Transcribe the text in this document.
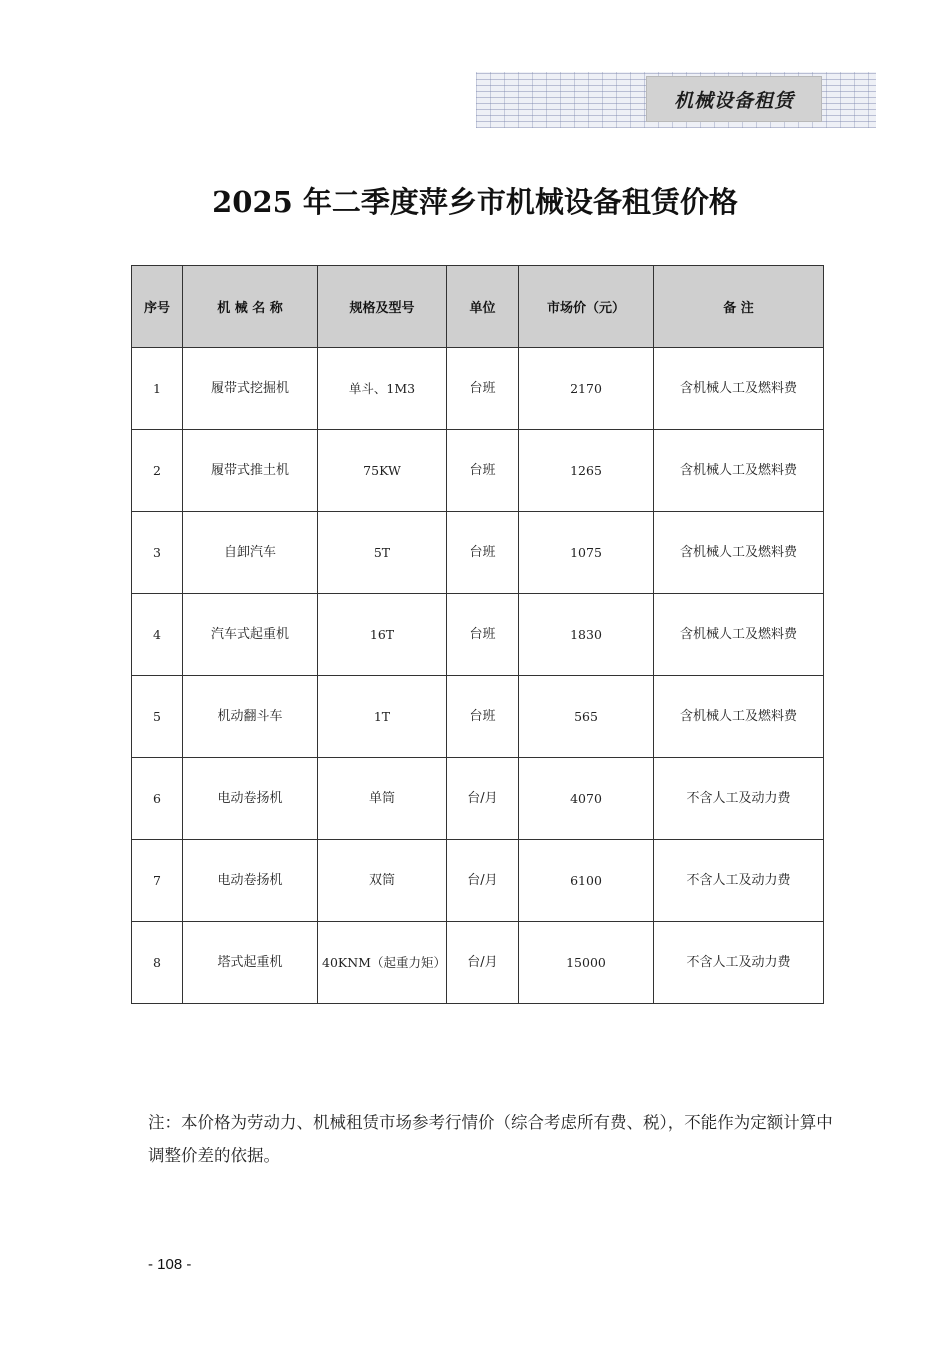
机械设备租赁
2025 年二季度萍乡市机械设备租赁价格
序号	机 械 名 称	规格及型号	单位	市场价（元）	备 注
1	履带式挖掘机	单斗、1M3	台班	2170	含机械人工及燃料费
2	履带式推土机	75KW	台班	1265	含机械人工及燃料费
3	自卸汽车	5T	台班	1075	含机械人工及燃料费
4	汽车式起重机	16T	台班	1830	含机械人工及燃料费
5	机动翻斗车	1T	台班	565	含机械人工及燃料费
6	电动卷扬机	单筒	台/月	4070	不含人工及动力费
7	电动卷扬机	双筒	台/月	6100	不含人工及动力费
8	塔式起重机	40KNM（起重力矩）	台/月	15000	不含人工及动力费
注：本价格为劳动力、机械租赁市场参考行情价（综合考虑所有费、税），不能作为定额计算中调整价差的依据。
- 108 -
